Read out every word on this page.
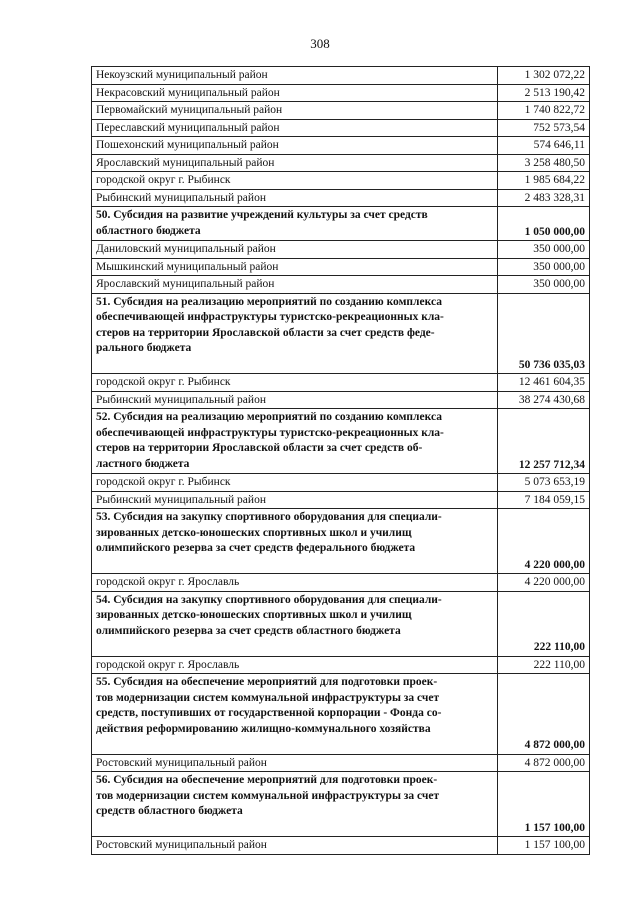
308
Некоузский муниципальный район	1 302 072,22

Некрасовский муниципальный район	2 513 190,42

Первомайский муниципальный район	1 740 822,72

Переславский муниципальный район	752 573,54

Пошехонский муниципальный район	574 646,11

Ярославский муниципальный район	3 258 480,50

городской округ г. Рыбинск	1 985 684,22

Рыбинский муниципальный район	2 483 328,31

50. Субсидия на развитие учреждений культуры за счет средств
областного бюджета	1 050 000,00

Даниловский муниципальный район	350 000,00

Мышкинский муниципальный район	350 000,00

Ярославский муниципальный район	350 000,00

51. Субсидия на реализацию мероприятий по созданию комплекса
обеспечивающей инфраструктуры туристско-рекреационных кла-
стеров на территории Ярославской области за счет средств феде-
рального бюджета	50 736 035,03

городской округ г. Рыбинск	12 461 604,35

Рыбинский муниципальный район	38 274 430,68

52. Субсидия на реализацию мероприятий по созданию комплекса
обеспечивающей инфраструктуры туристско-рекреационных кла-
стеров на территории Ярославской области за счет средств об-
ластного бюджета	12 257 712,34

городской округ г. Рыбинск	5 073 653,19

Рыбинский муниципальный район	7 184 059,15

53. Субсидия на закупку спортивного оборудования для специали-
зированных детско-юношеских спортивных школ и училищ
олимпийского резерва за счет средств федерального бюджета	4 220 000,00

городской округ г. Ярославль	4 220 000,00

54. Субсидия на закупку спортивного оборудования для специали-
зированных детско-юношеских спортивных школ и училищ
олимпийского резерва за счет средств областного бюджета	222 110,00

городской округ г. Ярославль	222 110,00

55. Субсидия на обеспечение мероприятий для подготовки проек-
тов модернизации систем коммунальной инфраструктуры за счет
средств, поступивших от государственной корпорации - Фонда со-
действия реформированию жилищно-коммунального хозяйства	4 872 000,00

Ростовский муниципальный район	4 872 000,00

56. Субсидия на обеспечение мероприятий для подготовки проек-
тов модернизации систем коммунальной инфраструктуры за счет
средств областного бюджета	1 157 100,00

Ростовский муниципальный район	1 157 100,00
